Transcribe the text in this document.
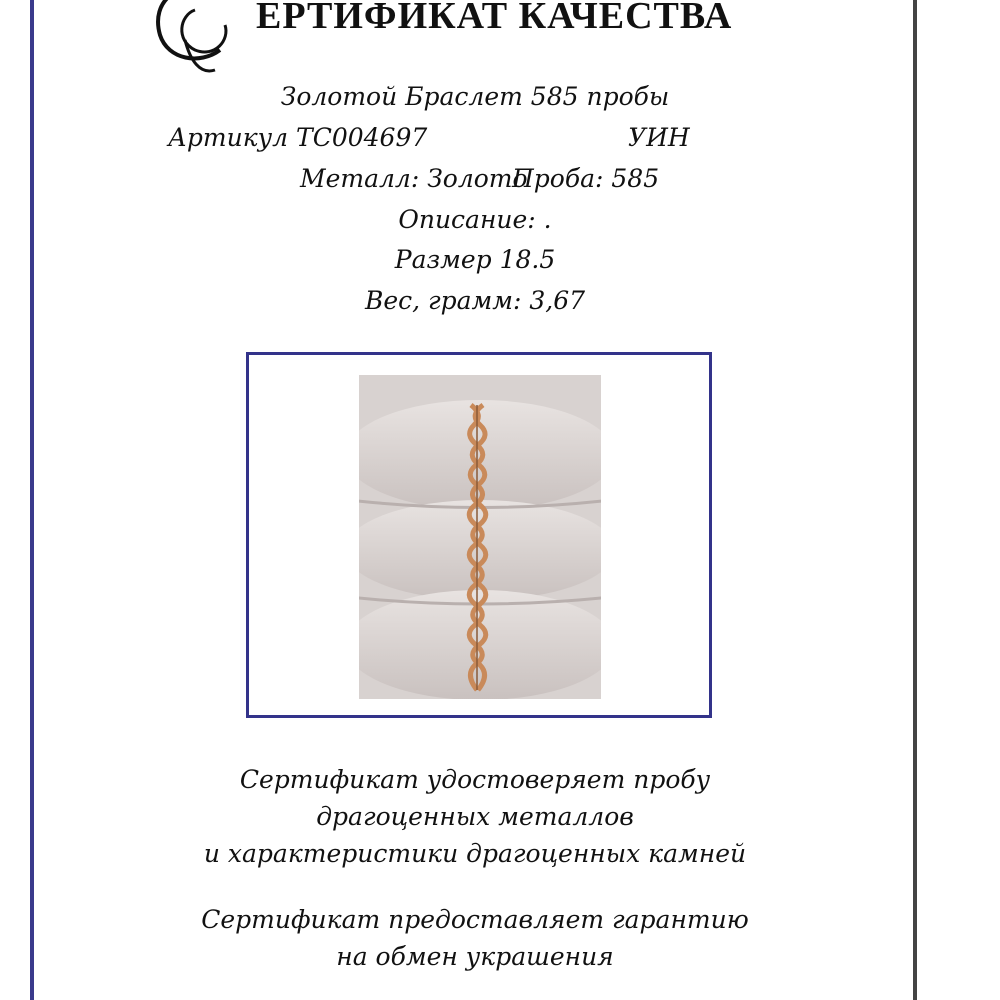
ЕРТИФИКАТ КАЧЕСТВА

Золотой Браслет 585 пробы

Артикул ТС004697	УИН

Металл: Золото

Проба: 585

Описание: .

Размер 18.5

Вес, грамм: 3,67

Сертификат удостоверяет пробу
драгоценных металлов
и характеристики драгоценных камней
Сертификат предоставляет гарантию
на обмен украшения
